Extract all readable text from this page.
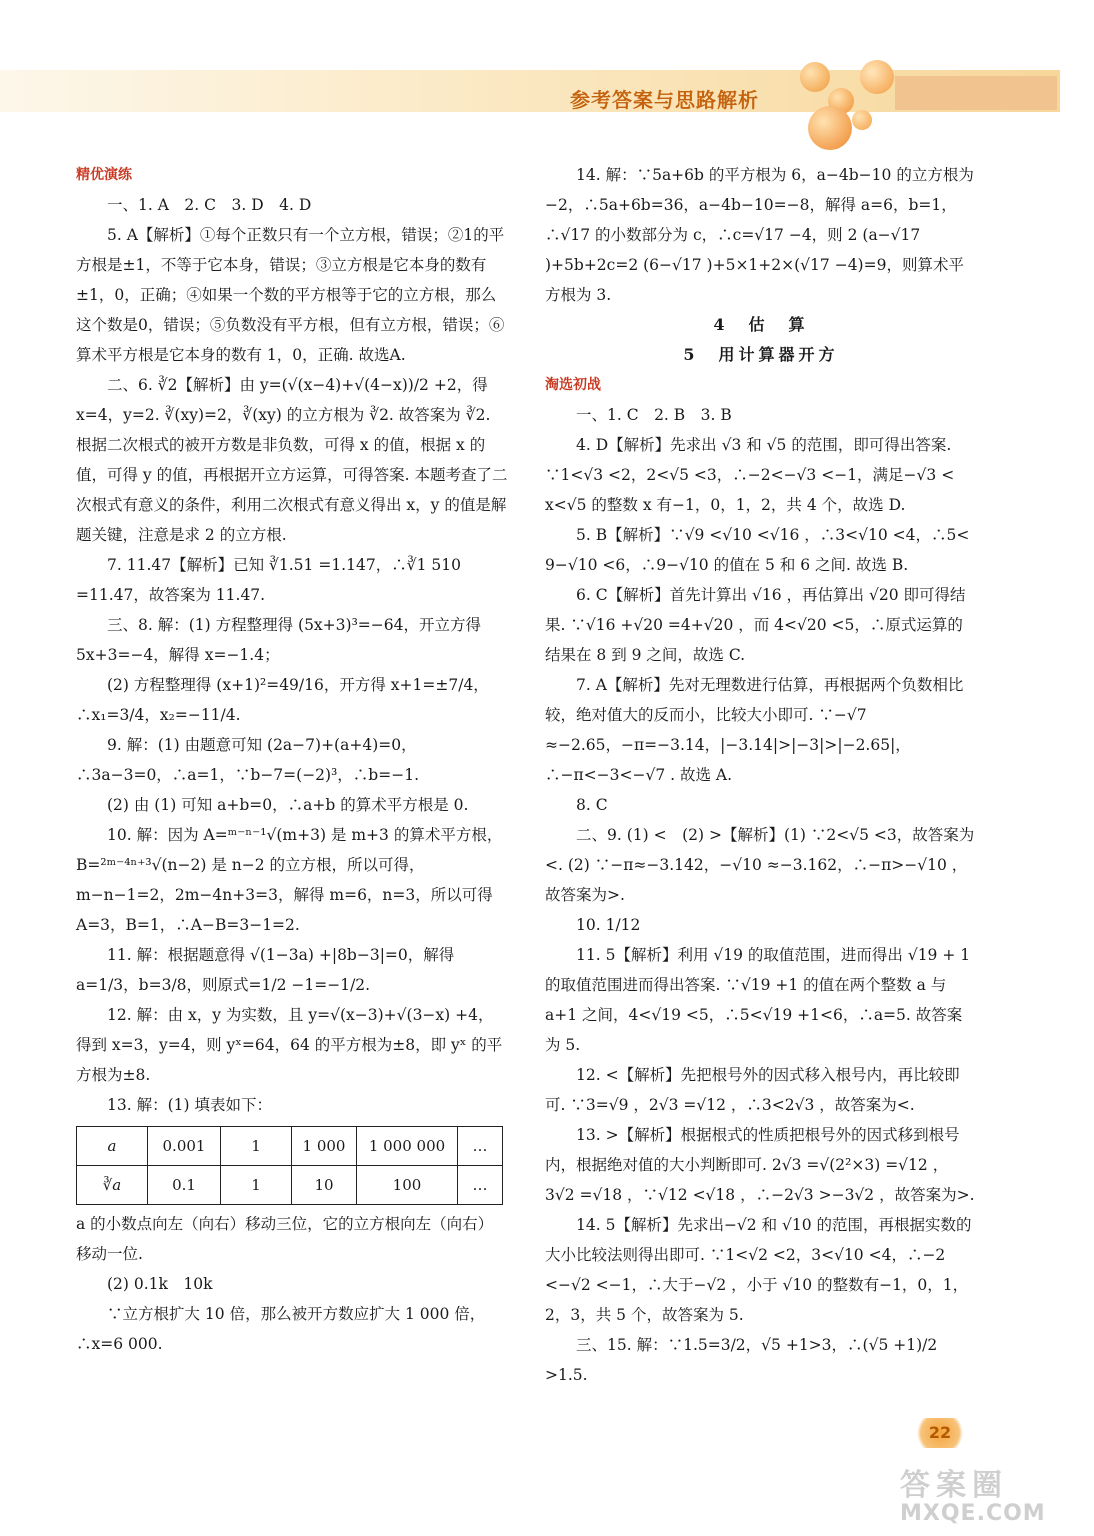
参考答案与思路解析

精优演练

一、1. A　2. C　3. D　4. D

5. A【解析】①每个正数只有一个立方根，错误；②1的平方根是±1，不等于它本身，错误；③立方根是它本身的数有±1，0，正确；④如果一个数的平方根等于它的立方根，那么这个数是0，错误；⑤负数没有平方根，但有立方根，错误；⑥算术平方根是它本身的数有 1，0，正确. 故选A.

二、6. ∛2【解析】由 y=(√(x−4)+√(4−x))/2 +2，得 x=4，y=2. ∛(xy)=2，∛(xy) 的立方根为 ∛2. 故答案为 ∛2. 根据二次根式的被开方数是非负数，可得 x 的值，根据 x 的值，可得 y 的值，再根据开立方运算，可得答案. 本题考查了二次根式有意义的条件，利用二次根式有意义得出 x，y 的值是解题关键，注意是求 2 的立方根.

7. 11.47【解析】已知 ∛1.51 =1.147，∴∛1 510 =11.47，故答案为 11.47.

三、8. 解：(1) 方程整理得 (5x+3)³=−64，开立方得 5x+3=−4，解得 x=−1.4；

(2) 方程整理得 (x+1)²=49/16，开方得 x+1=±7/4，∴x₁=3/4，x₂=−11/4.

9. 解：(1) 由题意可知 (2a−7)+(a+4)=0，∴3a−3=0，∴a=1，∵b−7=(−2)³，∴b=−1.

(2) 由 (1) 可知 a+b=0，∴a+b 的算术平方根是 0.

10. 解：因为 A=ᵐ⁻ⁿ⁻¹√(m+3) 是 m+3 的算术平方根，B=²ᵐ⁻⁴ⁿ⁺³√(n−2) 是 n−2 的立方根，所以可得，m−n−1=2，2m−4n+3=3，解得 m=6，n=3，所以可得 A=3，B=1，∴A−B=3−1=2.

11. 解：根据题意得 √(1−3a) +|8b−3|=0，解得 a=1/3，b=3/8，则原式=1/2 −1=−1/2.

12. 解：由 x，y 为实数，且 y=√(x−3)+√(3−x) +4，得到 x=3，y=4，则 yˣ=64，64 的平方根为±8，即 yˣ 的平方根为±8.

13. 解：(1) 填表如下：

a	0.001	1	1 000	1 000 000	…
∛a	0.1	1	10	100	…

a 的小数点向左（向右）移动三位，它的立方根向左（向右）移动一位.

(2) 0.1k　10k

∵立方根扩大 10 倍，那么被开方数应扩大 1 000 倍，∴x=6 000.

14. 解：∵5a+6b 的平方根为 6，a−4b−10 的立方根为−2，∴5a+6b=36，a−4b−10=−8，解得 a=6，b=1，∴√17 的小数部分为 c，∴c=√17 −4，则 2 (a−√17 )+5b+2c=2 (6−√17 )+5×1+2×(√17 −4)=9，则算术平方根为 3.

4　估　算

5　用计算器开方

淘选初战

一、1. C　2. B　3. B

4. D【解析】先求出 √3 和 √5 的范围，即可得出答案. ∵1<√3 <2，2<√5 <3，∴−2<−√3 <−1，满足−√3 < x<√5 的整数 x 有−1，0，1，2，共 4 个，故选 D.

5. B【解析】∵√9 <√10 <√16 ，∴3<√10 <4，∴5< 9−√10 <6，∴9−√10 的值在 5 和 6 之间. 故选 B.

6. C【解析】首先计算出 √16 ，再估算出 √20 即可得结果. ∵√16 +√20 =4+√20 ，而 4<√20 <5，∴原式运算的结果在 8 到 9 之间，故选 C.

7. A【解析】先对无理数进行估算，再根据两个负数相比较，绝对值大的反而小，比较大小即可. ∵−√7 ≈−2.65，−π=−3.14，|−3.14|>|−3|>|−2.65|，∴−π<−3<−√7 . 故选 A.

8. C

二、9. (1) <　(2) >【解析】(1) ∵2<√5 <3，故答案为<. (2) ∵−π≈−3.142，−√10 ≈−3.162，∴−π>−√10 ，故答案为>.

10. 1/12

11. 5【解析】利用 √19 的取值范围，进而得出 √19 + 1 的取值范围进而得出答案. ∵√19 +1 的值在两个整数 a 与 a+1 之间，4<√19 <5，∴5<√19 +1<6，∴a=5. 故答案为 5.

12. <【解析】先把根号外的因式移入根号内，再比较即可. ∵3=√9 ，2√3 =√12 ，∴3<2√3 ，故答案为<.

13. >【解析】根据根式的性质把根号外的因式移到根号内，根据绝对值的大小判断即可. 2√3 =√(2²×3) =√12 ，3√2 =√18 ，∵√12 <√18 ，∴−2√3 >−3√2 ，故答案为>.

14. 5【解析】先求出−√2 和 √10 的范围，再根据实数的大小比较法则得出即可. ∵1<√2 <2，3<√10 <4，∴−2 <−√2 <−1，∴大于−√2 ，小于 √10 的整数有−1，0，1，2，3，共 5 个，故答案为 5.

三、15. 解：∵1.5=3/2，√5 +1>3，∴(√5 +1)/2 >1.5.

22
答案圈
MXQE.COM
